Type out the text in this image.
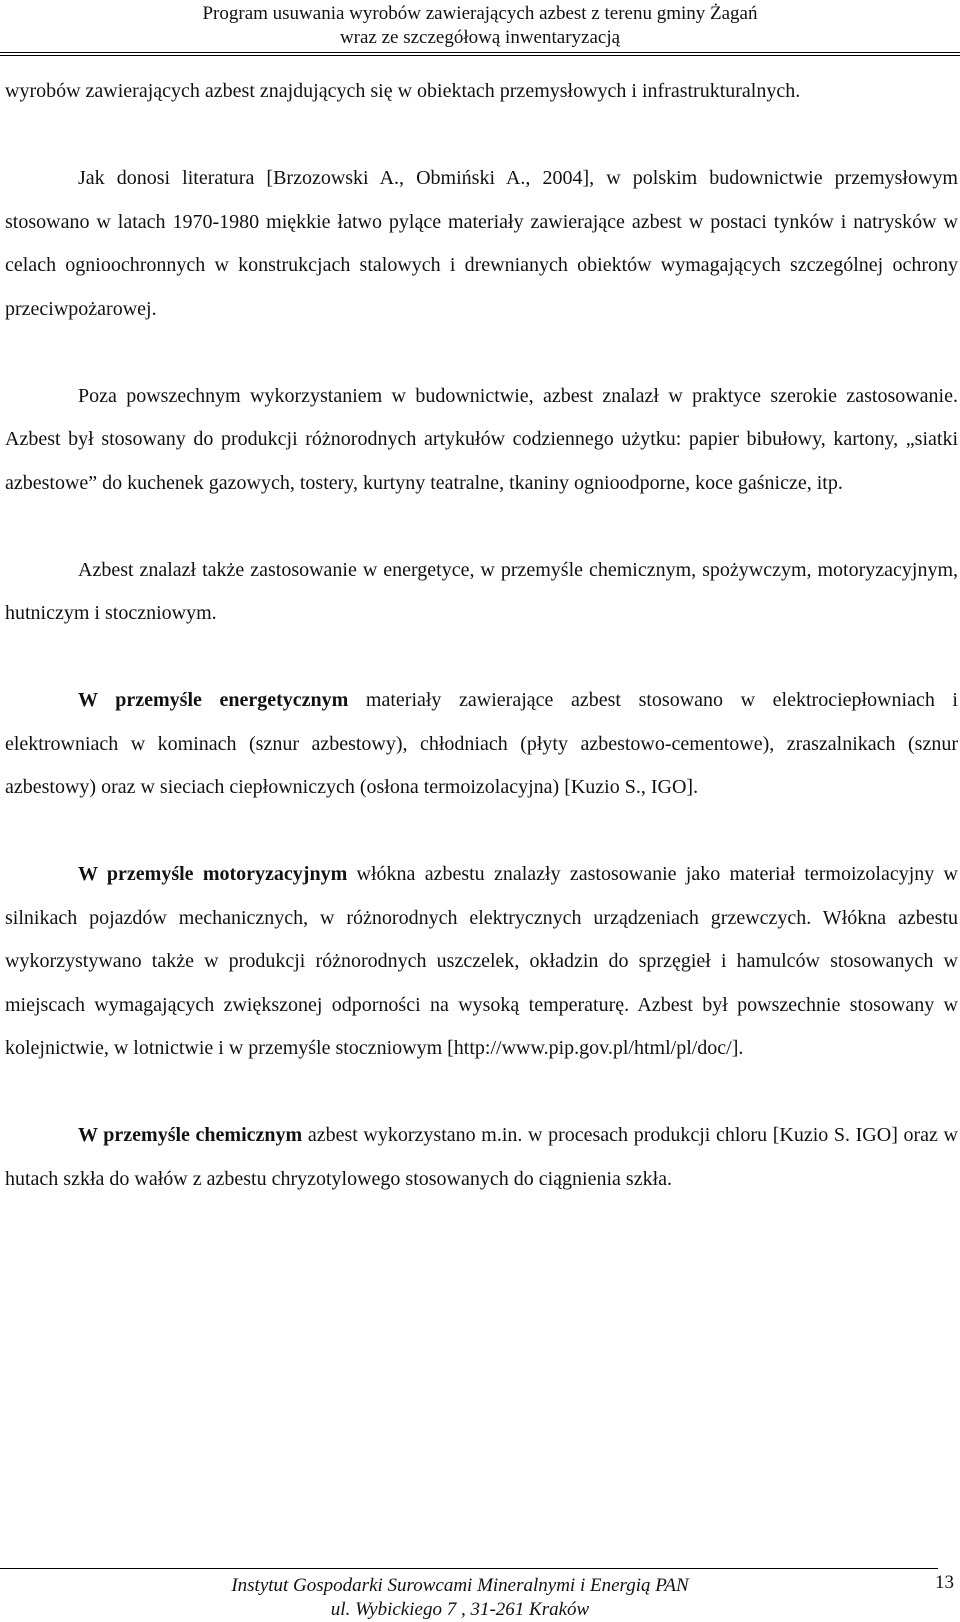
Program usuwania wyrobów zawierających azbest z terenu gminy Żagań
wraz ze szczegółową inwentaryzacją

wyrobów zawierających azbest znajdujących się w obiektach przemysłowych i infrastrukturalnych.

Jak donosi literatura [Brzozowski A., Obmiński A., 2004], w polskim budownictwie przemysłowym stosowano w latach 1970-1980 miękkie łatwo pylące materiały zawierające azbest w postaci tynków i natrysków w celach ognioochronnych w konstrukcjach stalowych i drewnianych obiektów wymagających szczególnej ochrony przeciwpożarowej.

Poza powszechnym wykorzystaniem w budownictwie, azbest znalazł w praktyce szerokie zastosowanie. Azbest był stosowany do produkcji różnorodnych artykułów codziennego użytku: papier bibułowy, kartony, „siatki azbestowe” do kuchenek gazowych, tostery, kurtyny teatralne, tkaniny ognioodporne, koce gaśnicze, itp.

Azbest znalazł także zastosowanie w energetyce, w przemyśle chemicznym, spożywczym, motoryzacyjnym, hutniczym i stoczniowym.

W przemyśle energetycznym materiały zawierające azbest stosowano w elektrociepłowniach i elektrowniach w kominach (sznur azbestowy), chłodniach (płyty azbestowo-cementowe), zraszalnikach (sznur azbestowy) oraz w sieciach ciepłowniczych (osłona termoizolacyjna) [Kuzio S., IGO].

W przemyśle motoryzacyjnym włókna azbestu znalazły zastosowanie jako materiał termoizolacyjny w silnikach pojazdów mechanicznych, w różnorodnych elektrycznych urządzeniach grzewczych. Włókna azbestu wykorzystywano także w produkcji różnorodnych uszczelek, okładzin do sprzęgieł i hamulców stosowanych w miejscach wymagających zwiększonej odporności na wysoką temperaturę. Azbest był powszechnie stosowany w kolejnictwie, w lotnictwie i w przemyśle stoczniowym [http://www.pip.gov.pl/html/pl/doc/].

W przemyśle chemicznym azbest wykorzystano m.in. w procesach produkcji chloru [Kuzio S. IGO] oraz w hutach szkła do wałów z azbestu chryzotylowego stosowanych do ciągnienia szkła.

Instytut Gospodarki Surowcami Mineralnymi i Energią PAN
ul. Wybickiego 7 , 31-261 Kraków
13
